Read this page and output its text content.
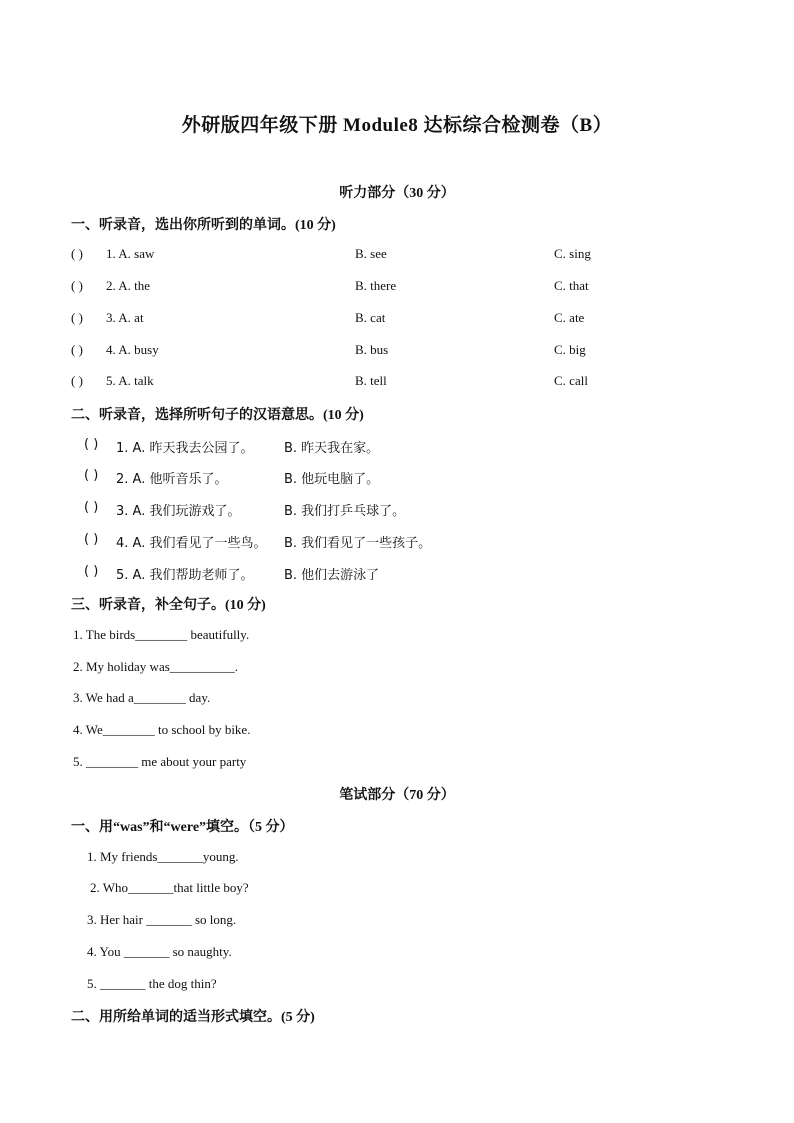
外研版四年级下册 Module8 达标综合检测卷（B）
听力部分（30 分）
一、听录音，选出你所听到的单词。(10 分)
( ) 1. A. saw	B. see	C. sing
( ) 2. A. the	B. there	C. that
( ) 3. A. at	B. cat	C. ate
( ) 4. A. busy	B. bus	C. big
( ) 5. A. talk	B. tell	C. call
二、听录音，选择所听句子的汉语意思。(10 分)
( ) 1. A. 昨天我去公园了。 B. 昨天我在家。
( ) 2. A. 他听音乐了。	B. 他玩电脑了。
( ) 3. A. 我们玩游戏了。	B. 我们打乒乓球了。
( ) 4. A. 我们看见了一些鸟。 B. 我们看见了一些孩子。
( ) 5. A. 我们帮助老师了。 B. 他们去游泳了
三、听录音，补全句子。(10 分)
1. The birds________ beautifully.
2. My holiday was__________.
3. We had a________ day.
4. We________ to school by bike.
5. ________ me about your party
笔试部分（70 分）
一、用“was”和“were”填空。（5 分）
1. My friends_______young.
2. Who_______that little boy?
3. Her hair _______ so long.
4. You _______ so naughty.
5. _______ the dog thin?
二、用所给单词的适当形式填空。(5 分)
